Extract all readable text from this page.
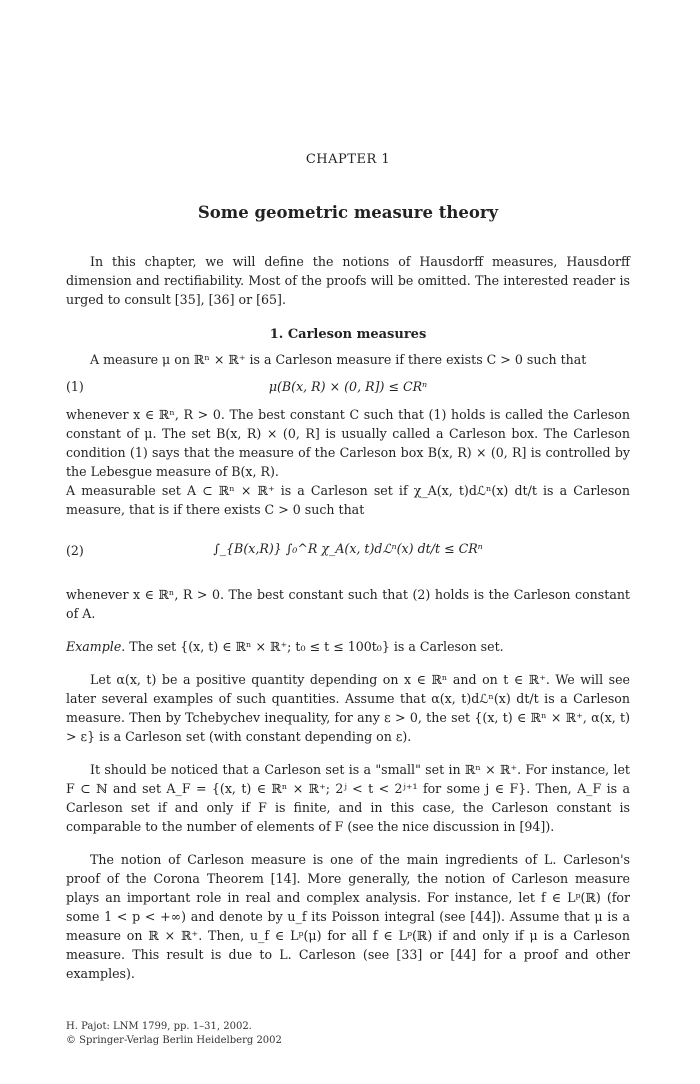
CHAPTER 1
Some geometric measure theory

In this chapter, we will define the notions of Hausdorff measures, Hausdorff dimension and rectifiability. Most of the proofs will be omitted. The interested reader is urged to consult [35], [36] or [65].

1. Carleson measures

A measure μ on ℝⁿ × ℝ⁺ is a Carleson measure if there exists C > 0 such that

(1)	μ(B(x, R) × (0, R]) ≤ CRⁿ

whenever x ∈ ℝⁿ, R > 0. The best constant C such that (1) holds is called the Carleson constant of μ. The set B(x, R) × (0, R] is usually called a Carleson box. The Carleson condition (1) says that the measure of the Carleson box B(x, R) × (0, R] is controlled by the Lebesgue measure of B(x, R).

A measurable set A ⊂ ℝⁿ × ℝ⁺ is a Carleson set if χ_A(x, t)dℒⁿ(x) dt/t is a Carleson measure, that is if there exists C > 0 such that

(2)	∫_{B(x,R)} ∫₀^R χ_A(x, t)dℒⁿ(x) dt/t ≤ CRⁿ

whenever x ∈ ℝⁿ, R > 0. The best constant such that (2) holds is the Carleson constant of A.

Example. The set {(x, t) ∈ ℝⁿ × ℝ⁺; t₀ ≤ t ≤ 100t₀} is a Carleson set.

Let α(x, t) be a positive quantity depending on x ∈ ℝⁿ and on t ∈ ℝ⁺. We will see later several examples of such quantities. Assume that α(x, t)dℒⁿ(x) dt/t is a Carleson measure. Then by Tchebychev inequality, for any ε > 0, the set {(x, t) ∈ ℝⁿ × ℝ⁺, α(x, t) > ε} is a Carleson set (with constant depending on ε).

It should be noticed that a Carleson set is a "small" set in ℝⁿ × ℝ⁺. For instance, let F ⊂ ℕ and set A_F = {(x, t) ∈ ℝⁿ × ℝ⁺; 2ʲ < t < 2ʲ⁺¹ for some j ∈ F}. Then, A_F is a Carleson set if and only if F is finite, and in this case, the Carleson constant is comparable to the number of elements of F (see the nice discussion in [94]).

The notion of Carleson measure is one of the main ingredients of L. Carleson's proof of the Corona Theorem [14]. More generally, the notion of Carleson measure plays an important role in real and complex analysis. For instance, let f ∈ Lᵖ(ℝ) (for some 1 < p < +∞) and denote by u_f its Poisson integral (see [44]). Assume that μ is a measure on ℝ × ℝ⁺. Then, u_f ∈ Lᵖ(μ) for all f ∈ Lᵖ(ℝ) if and only if μ is a Carleson measure. This result is due to L. Carleson (see [33] or [44] for a proof and other examples).

H. Pajot: LNM 1799, pp. 1–31, 2002.
© Springer-Verlag Berlin Heidelberg 2002
